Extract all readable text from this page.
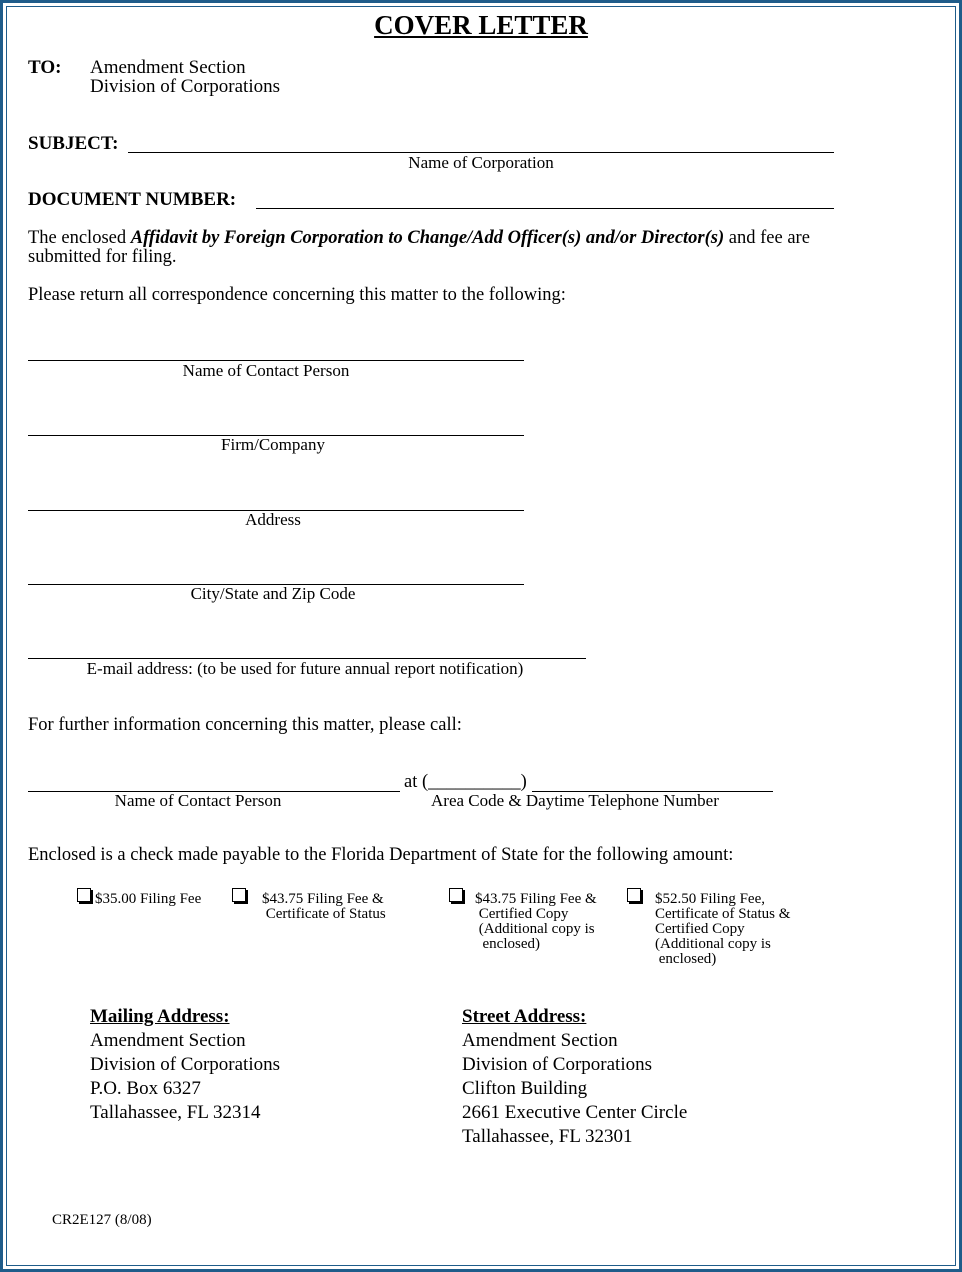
COVER LETTER
TO: Amendment Section
Division of Corporations
SUBJECT:
Name of Corporation
DOCUMENT NUMBER:
The enclosed Affidavit by Foreign Corporation to Change/Add Officer(s) and/or Director(s) and fee are
submitted for filing.
Please return all correspondence concerning this matter to the following:
Name of Contact Person
Firm/Company
Address
City/State and Zip Code
E-mail address: (to be used for future annual report notification)
For further information concerning this matter, please call:
at (__________)
Name of Contact Person	Area Code & Daytime Telephone Number
Enclosed is a check made payable to the Florida Department of State for the following amount:
$35.00 Filing Fee	$43.75 Filing Fee &
Certificate of Status
$43.75 Filing Fee &
Certified Copy
(Additional copy is
enclosed)
$52.50 Filing Fee,
Certificate of Status &
Certified Copy
(Additional copy is
enclosed)
Mailing Address:
Amendment Section
Division of Corporations
P.O. Box 6327
Tallahassee, FL 32314
Street Address:
Amendment Section
Division of Corporations
Clifton Building
2661 Executive Center Circle
Tallahassee, FL 32301
CR2E127 (8/08)
